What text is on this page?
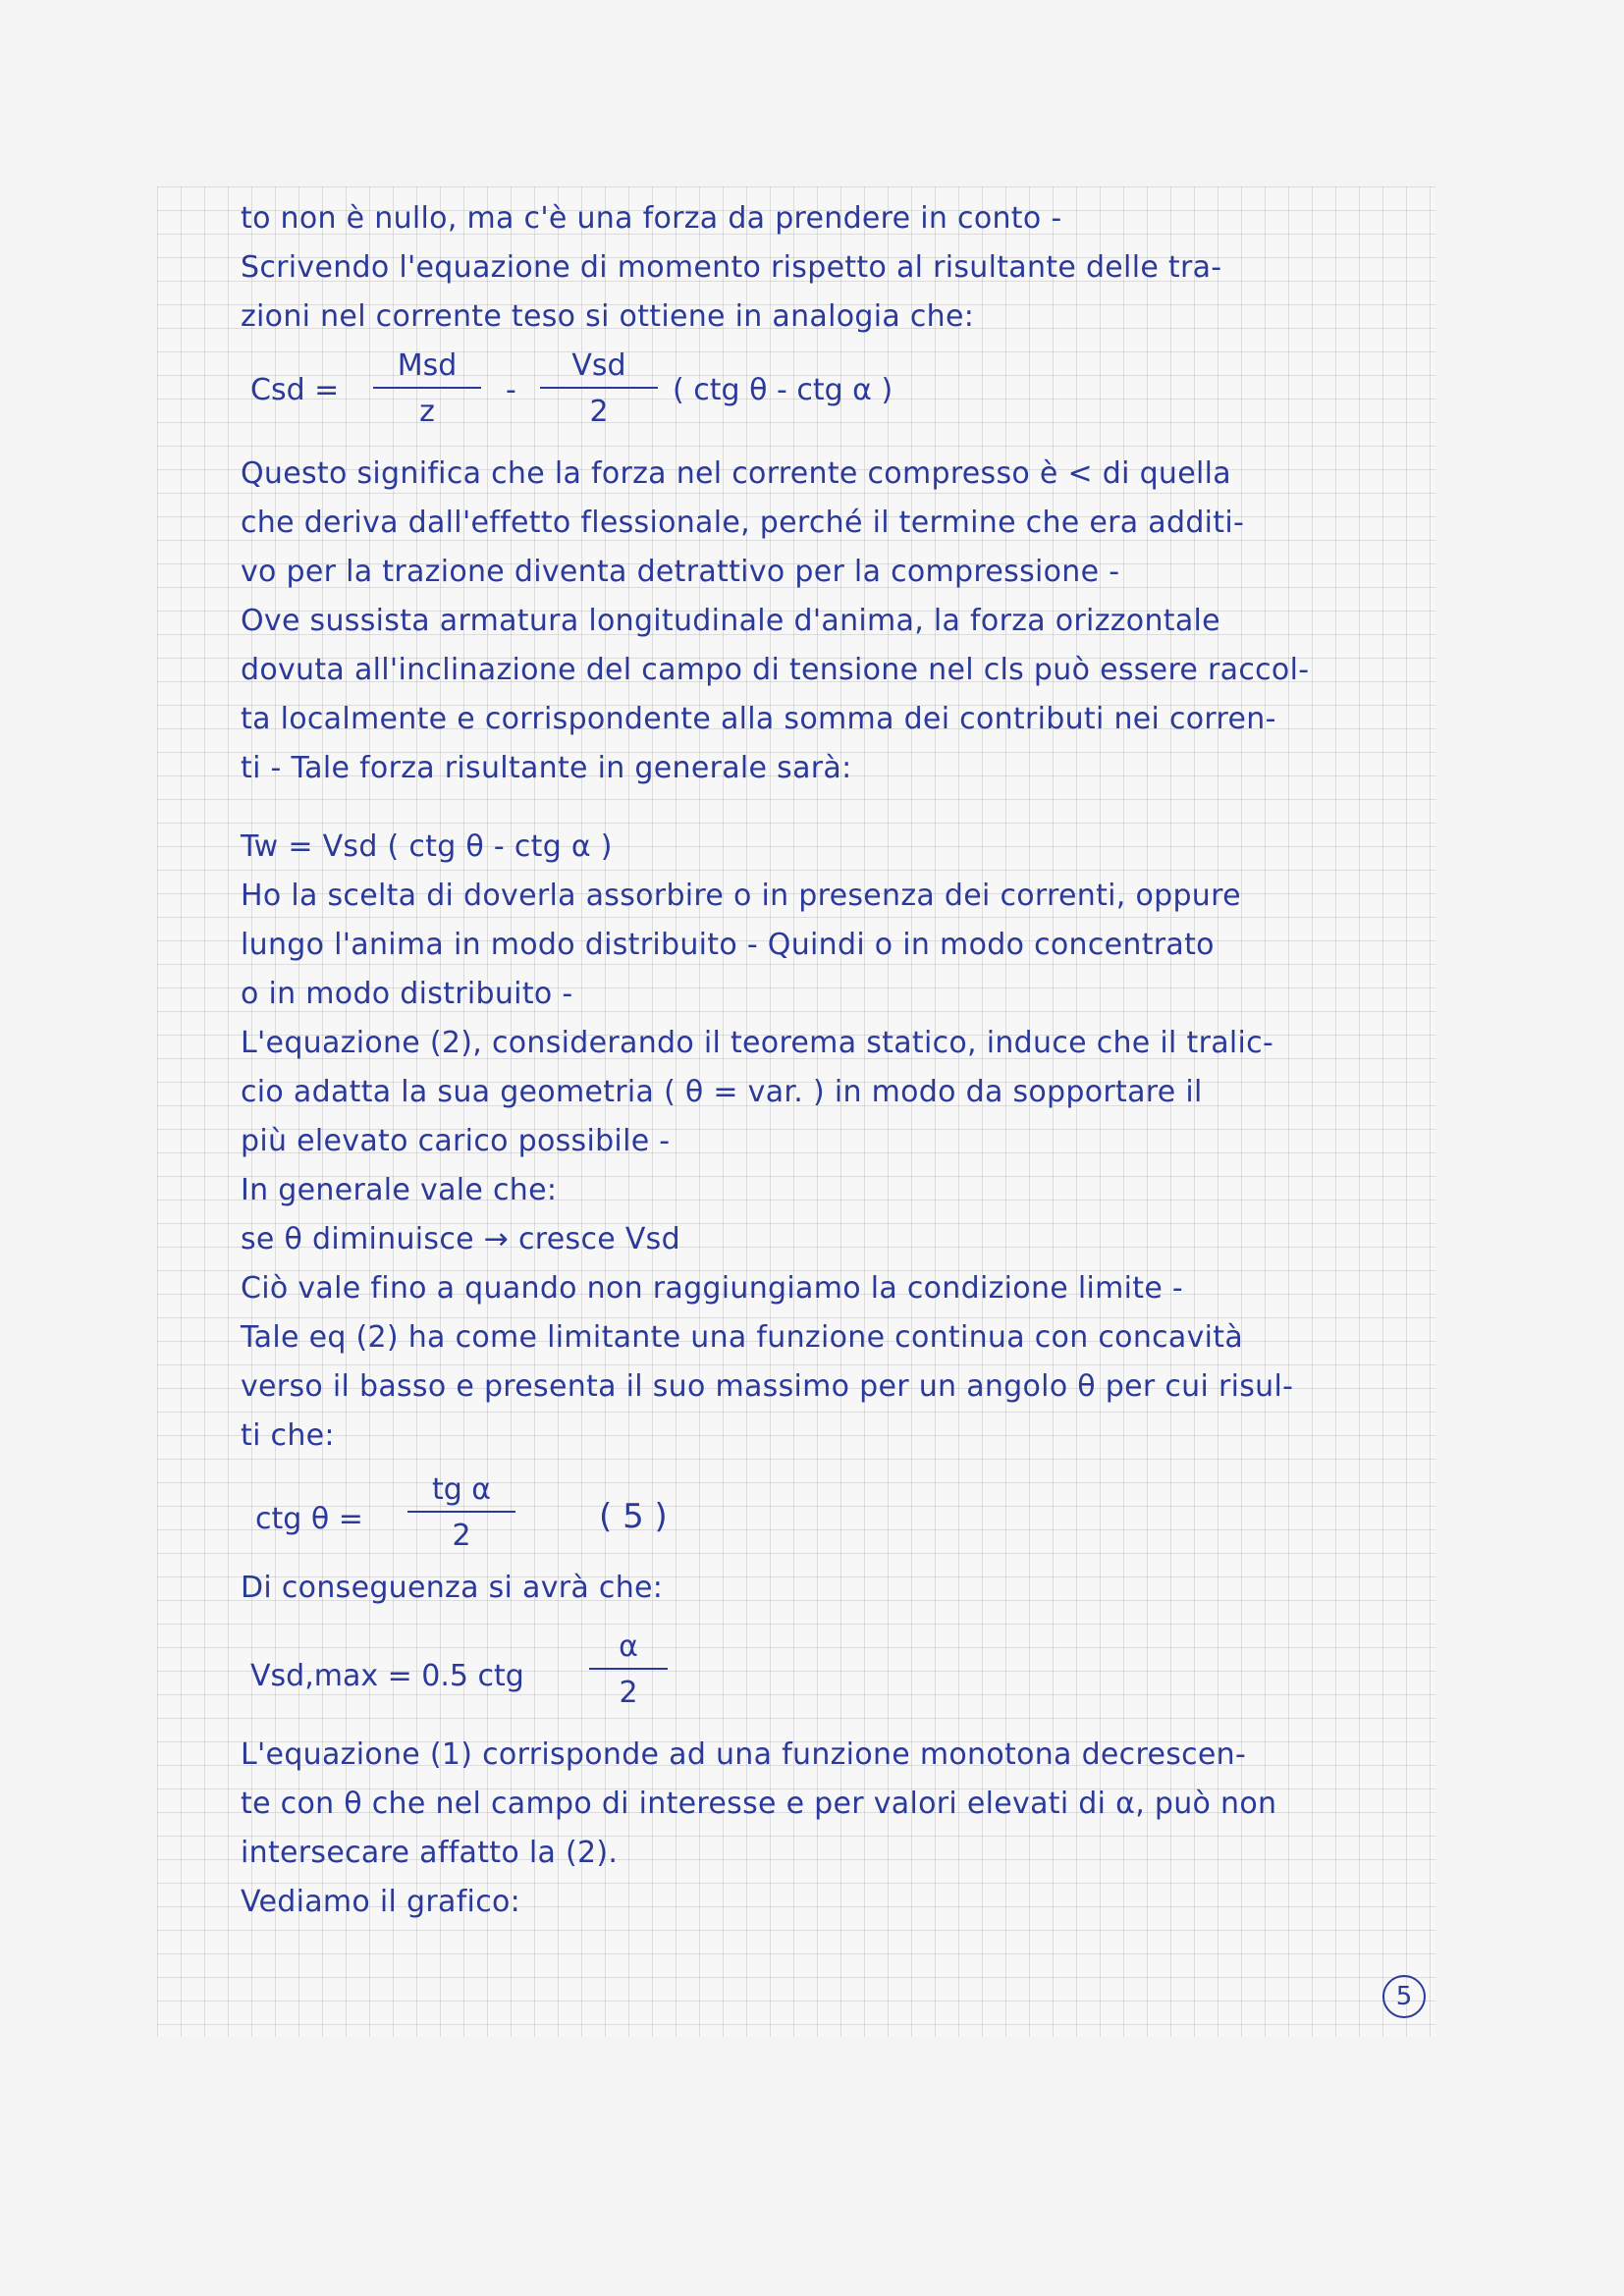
to non è nullo, ma c'è una forza da prendere in conto -
Scrivendo l'equazione di momento rispetto al risultante delle tra-
zioni nel corrente teso si ottiene in analogia che:
Csd =
Msd
z
-
Vsd
2
( ctg θ - ctg α )
Questo significa che la forza nel corrente compresso è < di quella
che deriva dall'effetto flessionale, perché il termine che era additi-
vo per la trazione diventa detrattivo per la compressione -
Ove sussista armatura longitudinale d'anima, la forza orizzontale
dovuta all'inclinazione del campo di tensione nel cls può essere raccol-
ta localmente e corrispondente alla somma dei contributi nei corren-
ti - Tale forza risultante in generale sarà:
Tw = Vsd ( ctg θ - ctg α )
Ho la scelta di doverla assorbire o in presenza dei correnti, oppure
lungo l'anima in modo distribuito - Quindi o in modo concentrato
o in modo distribuito -
L'equazione (2), considerando il teorema statico, induce che il tralic-
cio adatta la sua geometria ( θ = var. ) in modo da sopportare il
più elevato carico possibile -
In generale vale che:
se θ diminuisce → cresce Vsd
Ciò vale fino a quando non raggiungiamo la condizione limite -
Tale eq (2) ha come limitante una funzione continua con concavità
verso il basso e presenta il suo massimo per un angolo θ per cui risul-
ti che:
ctg θ =
tg α
2	( 5 )
Di conseguenza si avrà che:
Vsd,max = 0.5 ctg
α
2
L'equazione (1) corrisponde ad una funzione monotona decrescen-
te con θ che nel campo di interesse e per valori elevati di α, può non
intersecare affatto la (2).
Vediamo il grafico:
5
